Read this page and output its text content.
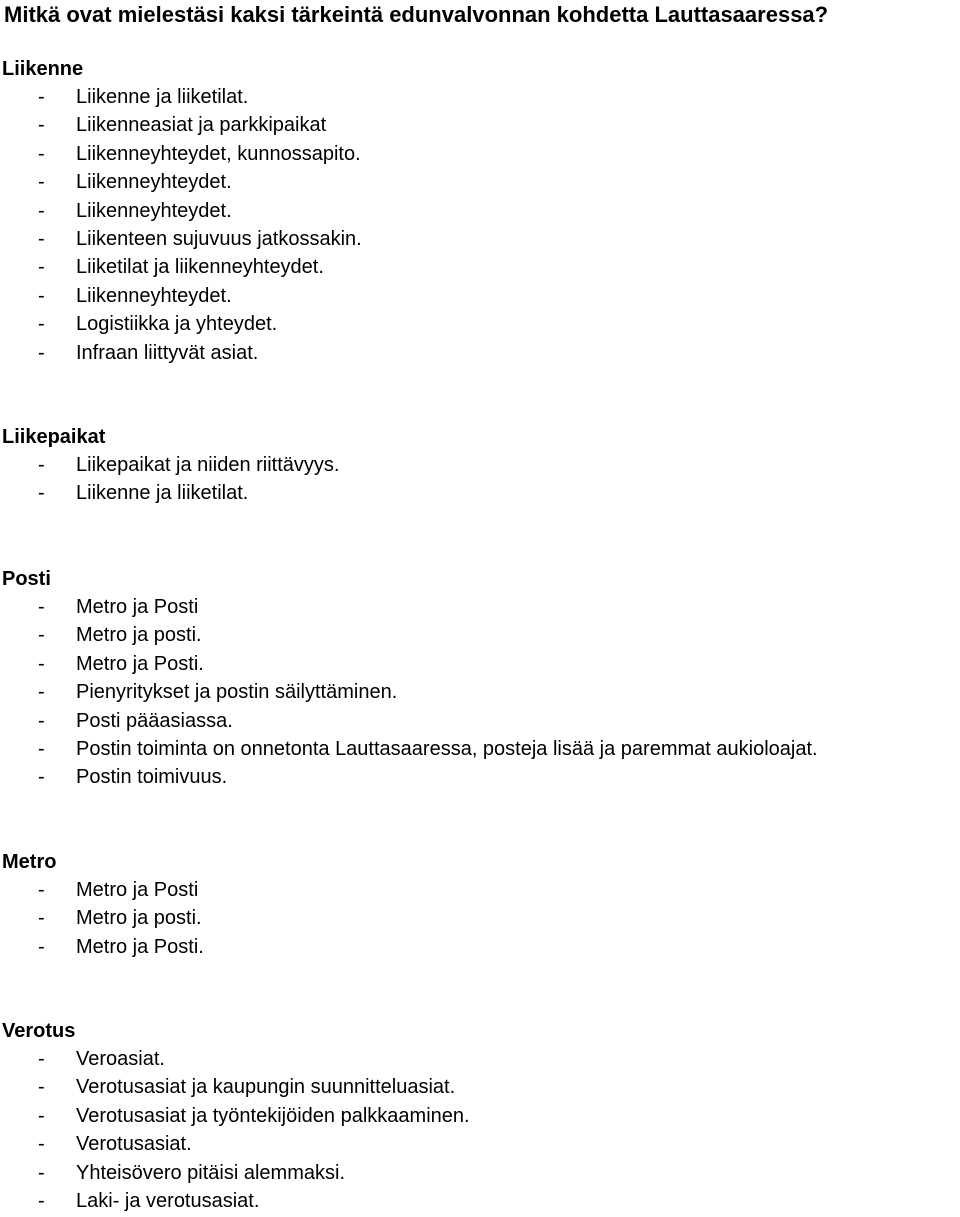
Mitkä ovat mielestäsi kaksi tärkeintä edunvalvonnan kohdetta Lauttasaaressa?
Liikenne
- Liikenne ja liiketilat.
- Liikenneasiat ja parkkipaikat
- Liikenneyhteydet, kunnossapito.
- Liikenneyhteydet.
- Liikenneyhteydet.
- Liikenteen sujuvuus jatkossakin.
- Liiketilat ja liikenneyhteydet.
- Liikenneyhteydet.
- Logistiikka ja yhteydet.
- Infraan liittyvät asiat.
Liikepaikat
- Liikepaikat ja niiden riittävyys.
- Liikenne ja liiketilat.
Posti
- Metro ja Posti
- Metro ja posti.
- Metro ja Posti.
- Pienyritykset ja postin säilyttäminen.
- Posti pääasiassa.
- Postin toiminta on onnetonta Lauttasaaressa, posteja lisää ja paremmat aukioloajat.
- Postin toimivuus.
Metro
- Metro ja Posti
- Metro ja posti.
- Metro ja Posti.
Verotus
- Veroasiat.
- Verotusasiat ja kaupungin suunnitteluasiat.
- Verotusasiat ja työntekijöiden palkkaaminen.
- Verotusasiat.
- Yhteisövero pitäisi alemmaksi.
- Laki- ja verotusasiat.
